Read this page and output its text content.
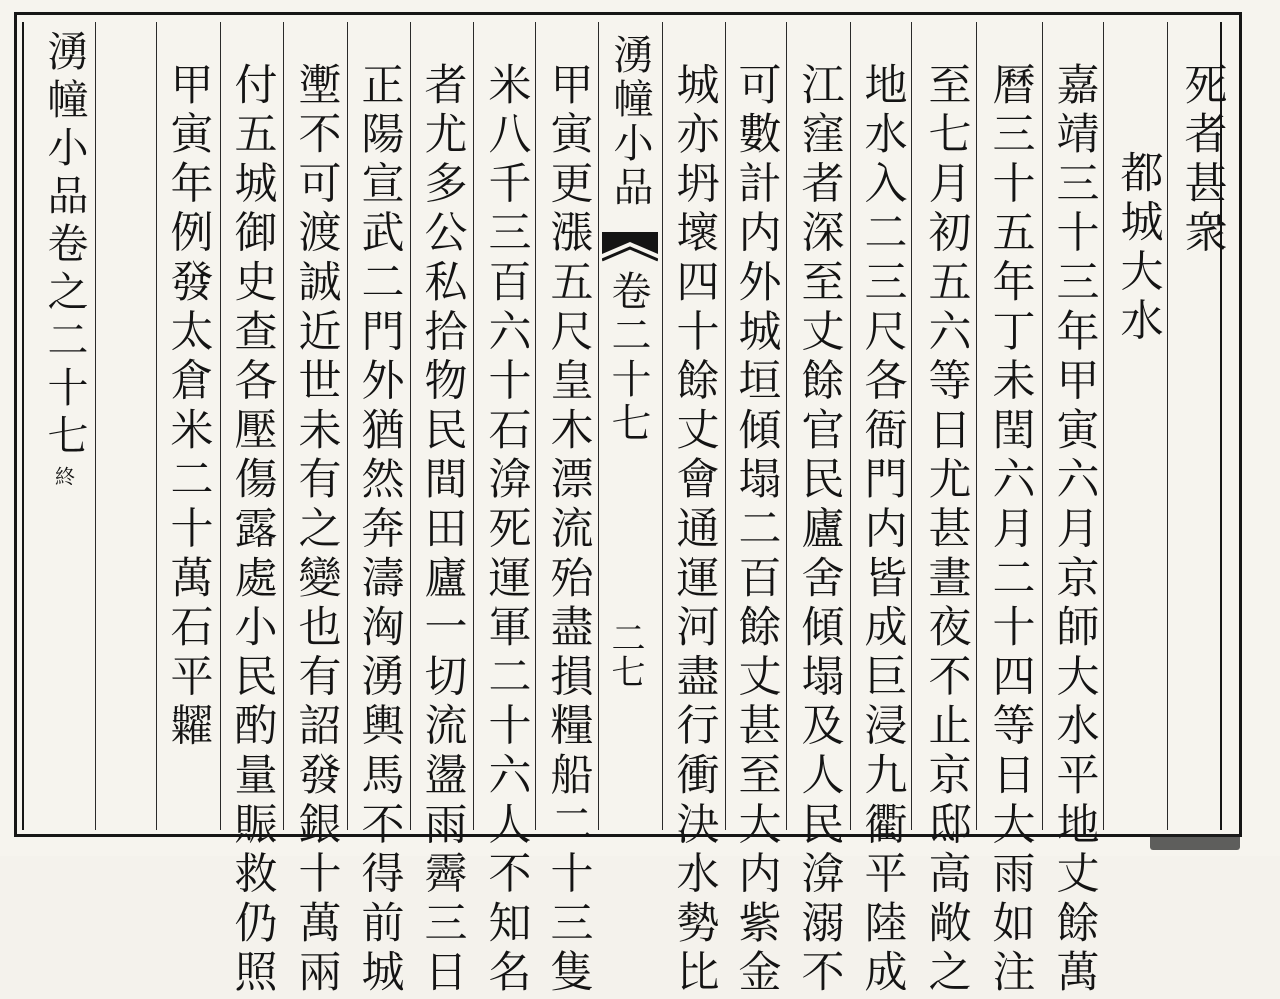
死者甚衆
都城大水
嘉靖三十三年甲寅六月京師大水平地丈餘萬
曆三十五年丁未閏六月二十四等日大雨如注
至七月初五六等日尤甚晝夜不止京邸高敞之
地水入二三尺各衙門内皆成巨浸九衢平陸成
江窪者深至丈餘官民廬舍傾塌及人民渰溺不
可數計内外城垣傾塌二百餘丈甚至大内紫金
城亦坍壞四十餘丈會通運河盡行衝決水勢比
湧幢小品
卷二十七
二七
甲寅更漲五尺皇木漂流殆盡損糧船二十三隻
米八千三百六十石渰死運軍二十六人不知名
者尤多公私拾物民間田廬一切流盪雨霽三日
正陽宣武二門外猶然奔濤洶湧輿馬不得前城
壍不可渡誠近世未有之變也有詔發銀十萬兩
付五城御史查各壓傷露處小民酌量賑救仍照
甲寅年例發太倉米二十萬石平糶
湧幢小品卷之二十七
終
